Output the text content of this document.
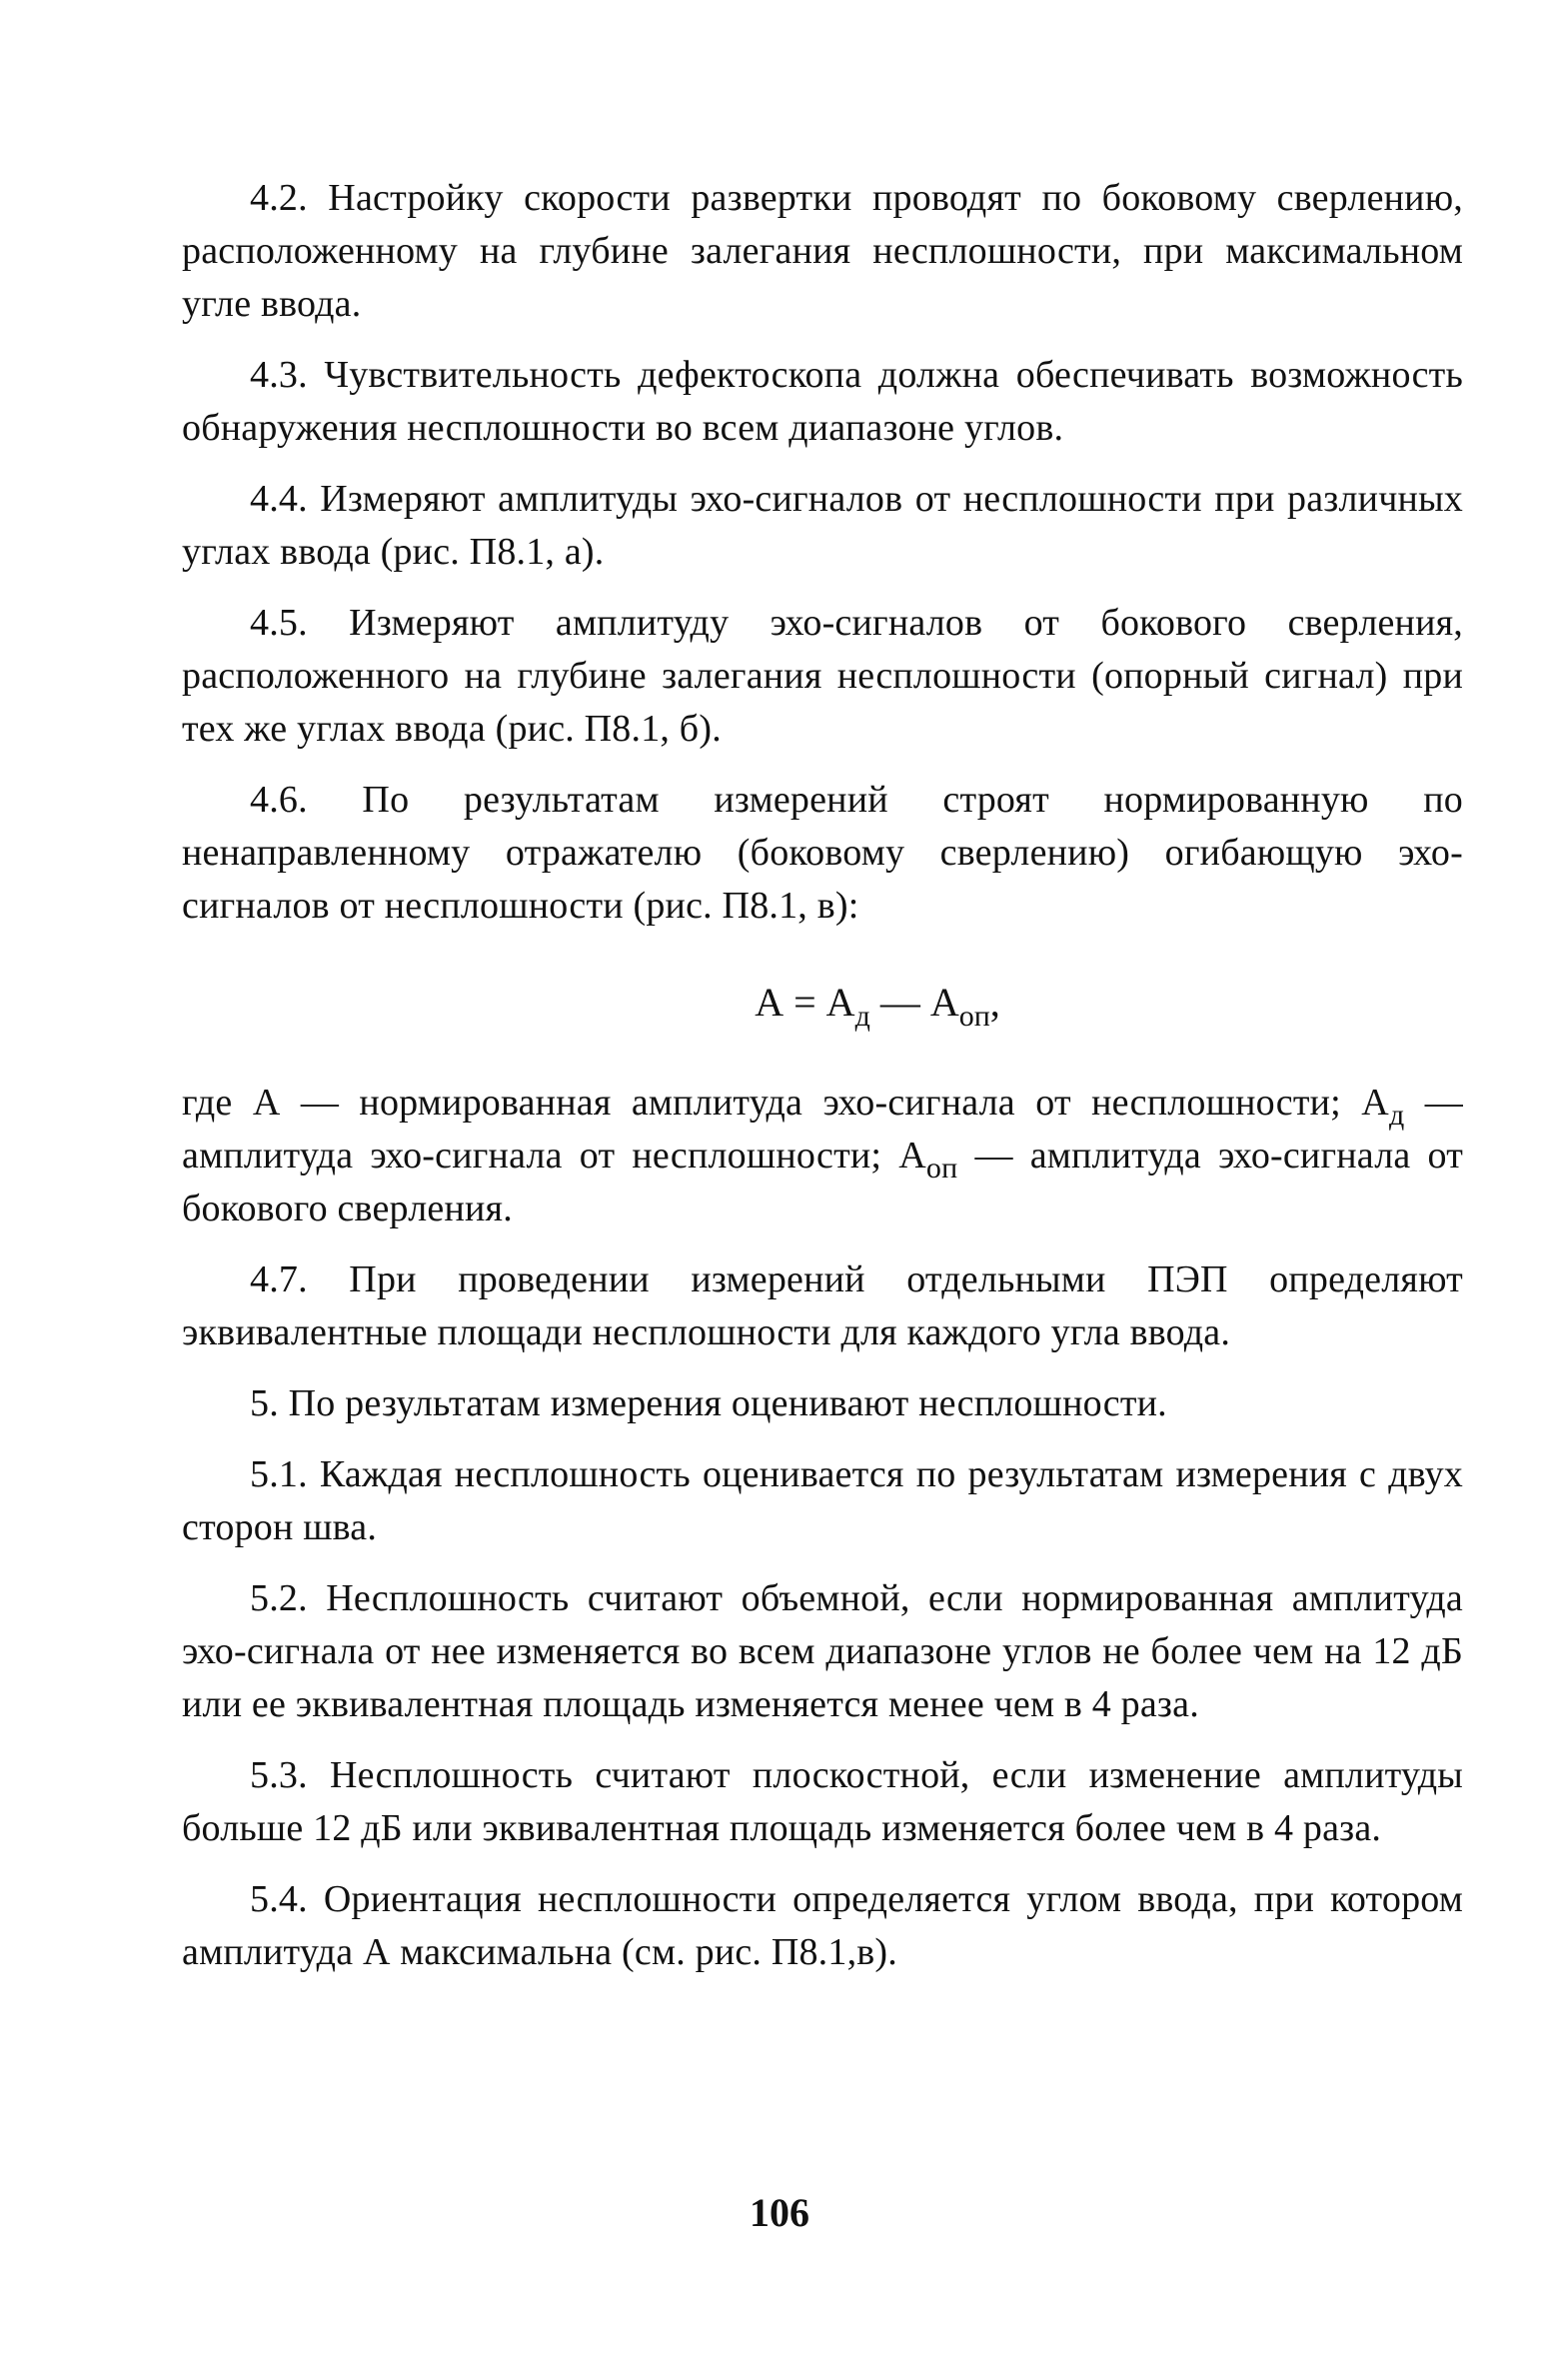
4.2. Настройку скорости развертки проводят по боковому сверлению, расположенному на глубине залегания несплошности, при максимальном угле ввода.

4.3. Чувствительность дефектоскопа должна обеспечивать возможность обнаружения несплошности во всем диапазоне углов.

4.4. Измеряют амплитуды эхо-сигналов от несплошности при различных углах ввода (рис. П8.1, а).

4.5. Измеряют амплитуду эхо-сигналов от бокового сверления, расположенного на глубине залегания несплошности (опорный сигнал) при тех же углах ввода (рис. П8.1, б).

4.6. По результатам измерений строят нормированную по ненаправленному отражателю (боковому сверлению) огибающую эхо-сигналов от несплошности (рис. П8.1, в):

$А = А_д$ — $А_{оп}$,

где А — нормированная амплитуда эхо-сигнала от несплошности; $А_д$ — амплитуда эхо-сигнала от несплошности; $А_{оп}$ — амплитуда эхо-сигнала от бокового сверления.

4.7. При проведении измерений отдельными ПЭП определяют эквивалентные площади несплошности для каждого угла ввода.

5. По результатам измерения оценивают несплошности.

5.1. Каждая несплошность оценивается по результатам измерения с двух сторон шва.

5.2. Несплошность считают объемной, если нормированная амплитуда эхо-сигнала от нее изменяется во всем диапазоне углов не более чем на 12 дБ или ее эквивалентная площадь изменяется менее чем в 4 раза.

5.3. Несплошность считают плоскостной, если изменение амплитуды больше 12 дБ или эквивалентная площадь изменяется более чем в 4 раза.

5.4. Ориентация несплошности определяется углом ввода, при котором амплитуда А максимальна (см. рис. П8.1,в).

106
